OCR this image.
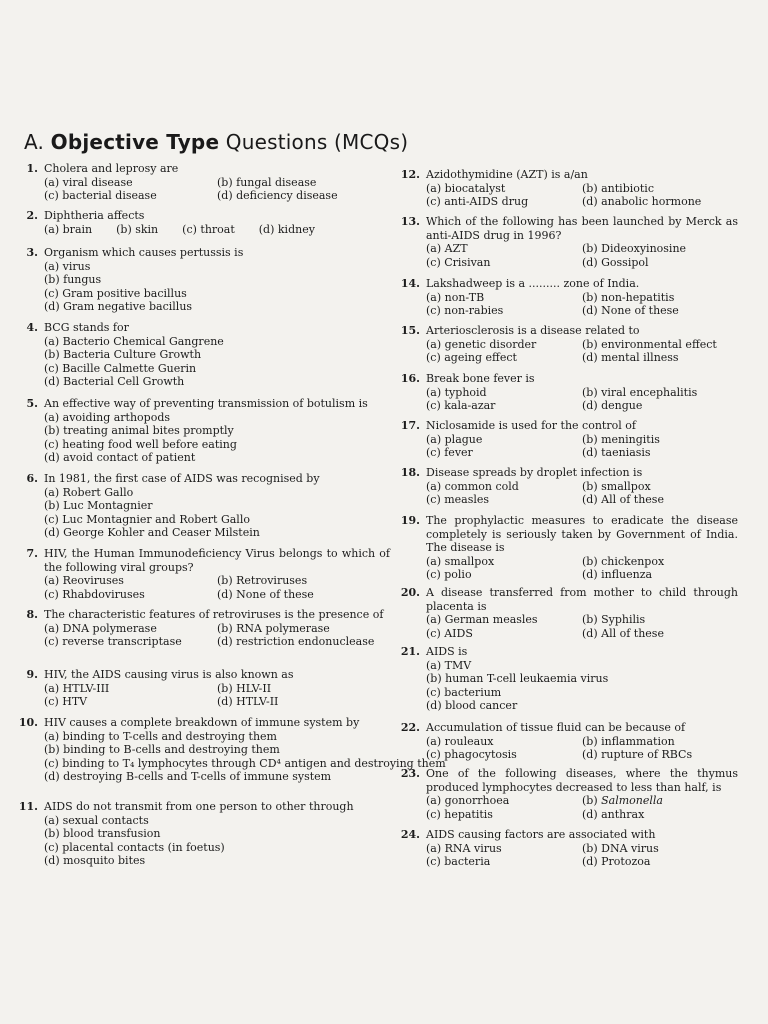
A. Objective Type Questions (MCQs)
1. Cholera and leprosy are
(a) viral disease	(b) fungal disease
(c) bacterial disease	(d) deficiency disease
2. Diphtheria affects
(a) brain (b) skin (c) throat (d) kidney
3. Organism which causes pertussis is
(a) virus
(b) fungus
(c) Gram positive bacillus
(d) Gram negative bacillus
4. BCG stands for
(a) Bacterio Chemical Gangrene
(b) Bacteria Culture Growth
(c) Bacille Calmette Guerin
(d) Bacterial Cell Growth
5. An effective way of preventing transmission of botulism is
(a) avoiding arthopods
(b) treating animal bites promptly
(c) heating food well before eating
(d) avoid contact of patient
6. In 1981, the first case of AIDS was recognised by
(a) Robert Gallo
(b) Luc Montagnier
(c) Luc Montagnier and Robert Gallo
(d) George Kohler and Ceaser Milstein
7. HIV, the Human Immunodeficiency Virus belongs to which of the following viral groups?
(a) Reoviruses	(b) Retroviruses
(c) Rhabdoviruses	(d) None of these
8. The characteristic features of retroviruses is the presence of
(a) DNA polymerase	(b) RNA polymerase
(c) reverse transcriptase	(d) restriction endonuclease
9. HIV, the AIDS causing virus is also known as
(a) HTLV-III	(b) HLV-II
(c) HTV	(d) HTLV-II
10. HIV causes a complete breakdown of immune system by
(a) binding to T-cells and destroying them
(b) binding to B-cells and destroying them
(c) binding to T₄ lymphocytes through CD⁴ antigen and destroying them
(d) destroying B-cells and T-cells of immune system
11. AIDS do not transmit from one person to other through
(a) sexual contacts
(b) blood transfusion
(c) placental contacts (in foetus)
(d) mosquito bites
12. Azidothymidine (AZT) is a/an
(a) biocatalyst	(b) antibiotic
(c) anti-AIDS drug	(d) anabolic hormone
13. Which of the following has been launched by Merck as anti-AIDS drug in 1996?
(a) AZT	(b) Dideoxyinosine
(c) Crisivan	(d) Gossipol
14. Lakshadweep is a ......... zone of India.
(a) non-TB	(b) non-hepatitis
(c) non-rabies	(d) None of these
15. Arteriosclerosis is a disease related to
(a) genetic disorder	(b) environmental effect
(c) ageing effect	(d) mental illness
16. Break bone fever is
(a) typhoid	(b) viral encephalitis
(c) kala-azar	(d) dengue
17. Niclosamide is used for the control of
(a) plague	(b) meningitis
(c) fever	(d) taeniasis
18. Disease spreads by droplet infection is
(a) common cold	(b) smallpox
(c) measles	(d) All of these
19. The prophylactic measures to eradicate the disease completely is seriously taken by Government of India. The disease is
(a) smallpox	(b) chickenpox
(c) polio	(d) influenza
20. A disease transferred from mother to child through placenta is
(a) German measles	(b) Syphilis
(c) AIDS	(d) All of these
21. AIDS is
(a) TMV
(b) human T-cell leukaemia virus
(c) bacterium
(d) blood cancer
22. Accumulation of tissue fluid can be because of
(a) rouleaux	(b) inflammation
(c) phagocytosis	(d) rupture of RBCs
23. One of the following diseases, where the thymus produced lymphocytes decreased to less than half, is
(a) gonorrhoea	(b) Salmonella
(c) hepatitis	(d) anthrax
24. AIDS causing factors are associated with
(a) RNA virus	(b) DNA virus
(c) bacteria	(d) Protozoa
